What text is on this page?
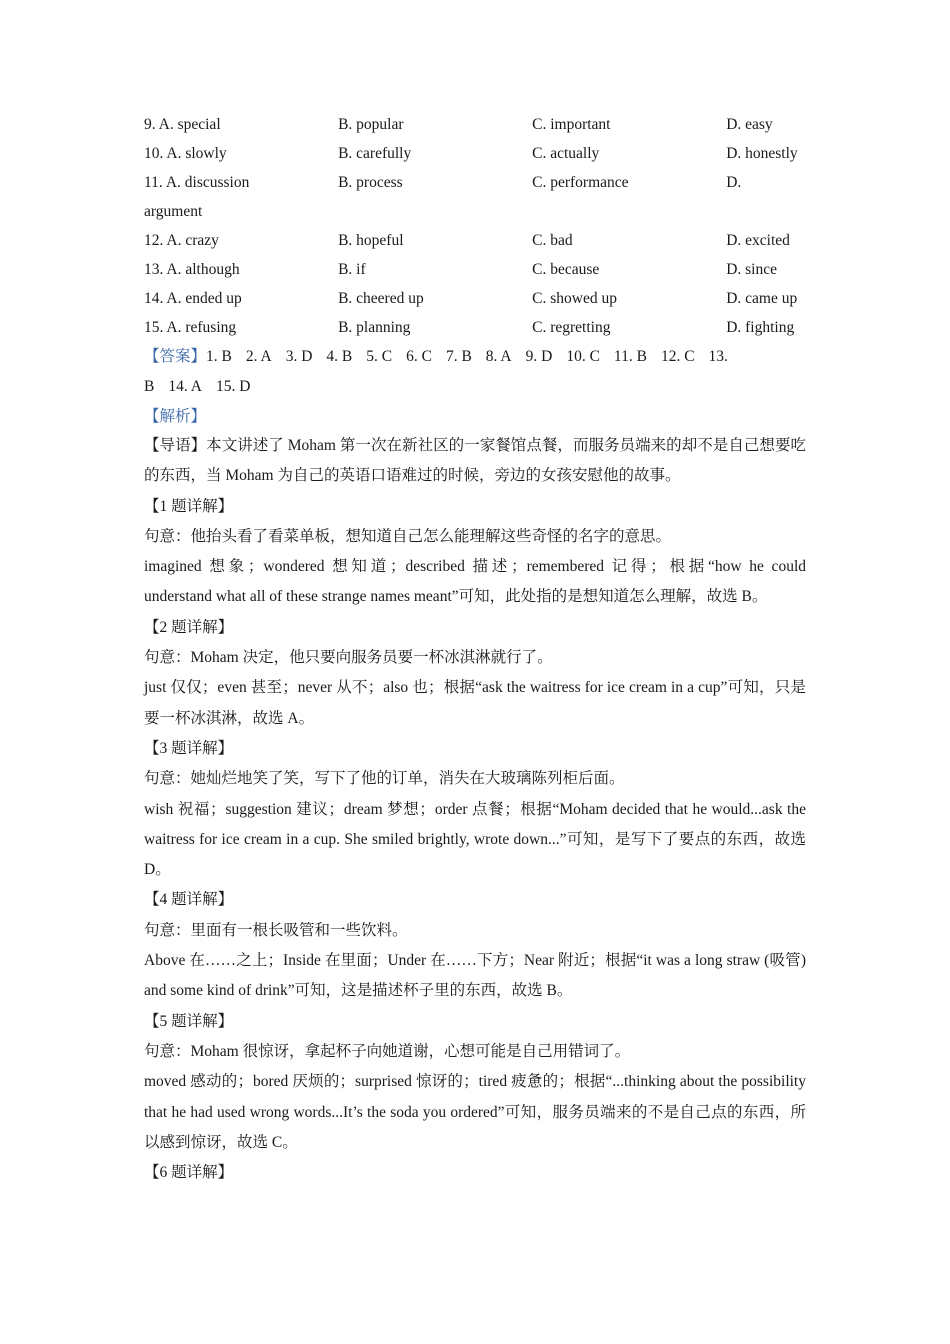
9. A. special	B. popular	C. important	D. easy
10. A. slowly	B. carefully	C. actually	D. honestly
11. A. discussion	B. process	C. performance	D.
argument
12. A. crazy	B. hopeful	C. bad	D. excited
13. A. although	B. if	C. because	D. since
14. A. ended up	B. cheered up	C. showed up	D. came up
15. A. refusing	B. planning	C. regretting	D. fighting
【答案】1. B 2. A 3. D 4. B 5. C 6. C 7. B 8. A 9. D 10. C 11. B 12. C 13.
B 14. A 15. D
【解析】

【导语】本文讲述了 Moham 第一次在新社区的一家餐馆点餐，而服务员端来的却不是自己想要吃的东西，当 Moham 为自己的英语口语难过的时候，旁边的女孩安慰他的故事。

【1 题详解】

句意：他抬头看了看菜单板，想知道自己怎么能理解这些奇怪的名字的意思。

imagined 想象；wondered 想知道；described 描述；remembered 记得；根据“how he could understand what all of these strange names meant”可知，此处指的是想知道怎么理解，故选 B。

【2 题详解】

句意：Moham 决定，他只要向服务员要一杯冰淇淋就行了。

just 仅仅；even 甚至；never 从不；also 也；根据“ask the waitress for ice cream in a cup”可知，只是要一杯冰淇淋，故选 A。

【3 题详解】

句意：她灿烂地笑了笑，写下了他的订单，消失在大玻璃陈列柜后面。

wish 祝福；suggestion 建议；dream 梦想；order 点餐；根据“Moham decided that he would...ask the waitress for ice cream in a cup. She smiled brightly, wrote down...”可知，是写下了要点的东西，故选 D。

【4 题详解】

句意：里面有一根长吸管和一些饮料。

Above 在……之上；Inside 在里面；Under 在……下方；Near 附近；根据“it was a long straw (吸管) and some kind of drink”可知，这是描述杯子里的东西，故选 B。

【5 题详解】

句意：Moham 很惊讶，拿起杯子向她道谢，心想可能是自己用错词了。

moved 感动的；bored 厌烦的；surprised 惊讶的；tired 疲惫的；根据“...thinking about the possibility that he had used wrong words...It’s the soda you ordered”可知，服务员端来的不是自己点的东西，所以感到惊讶，故选 C。

【6 题详解】
